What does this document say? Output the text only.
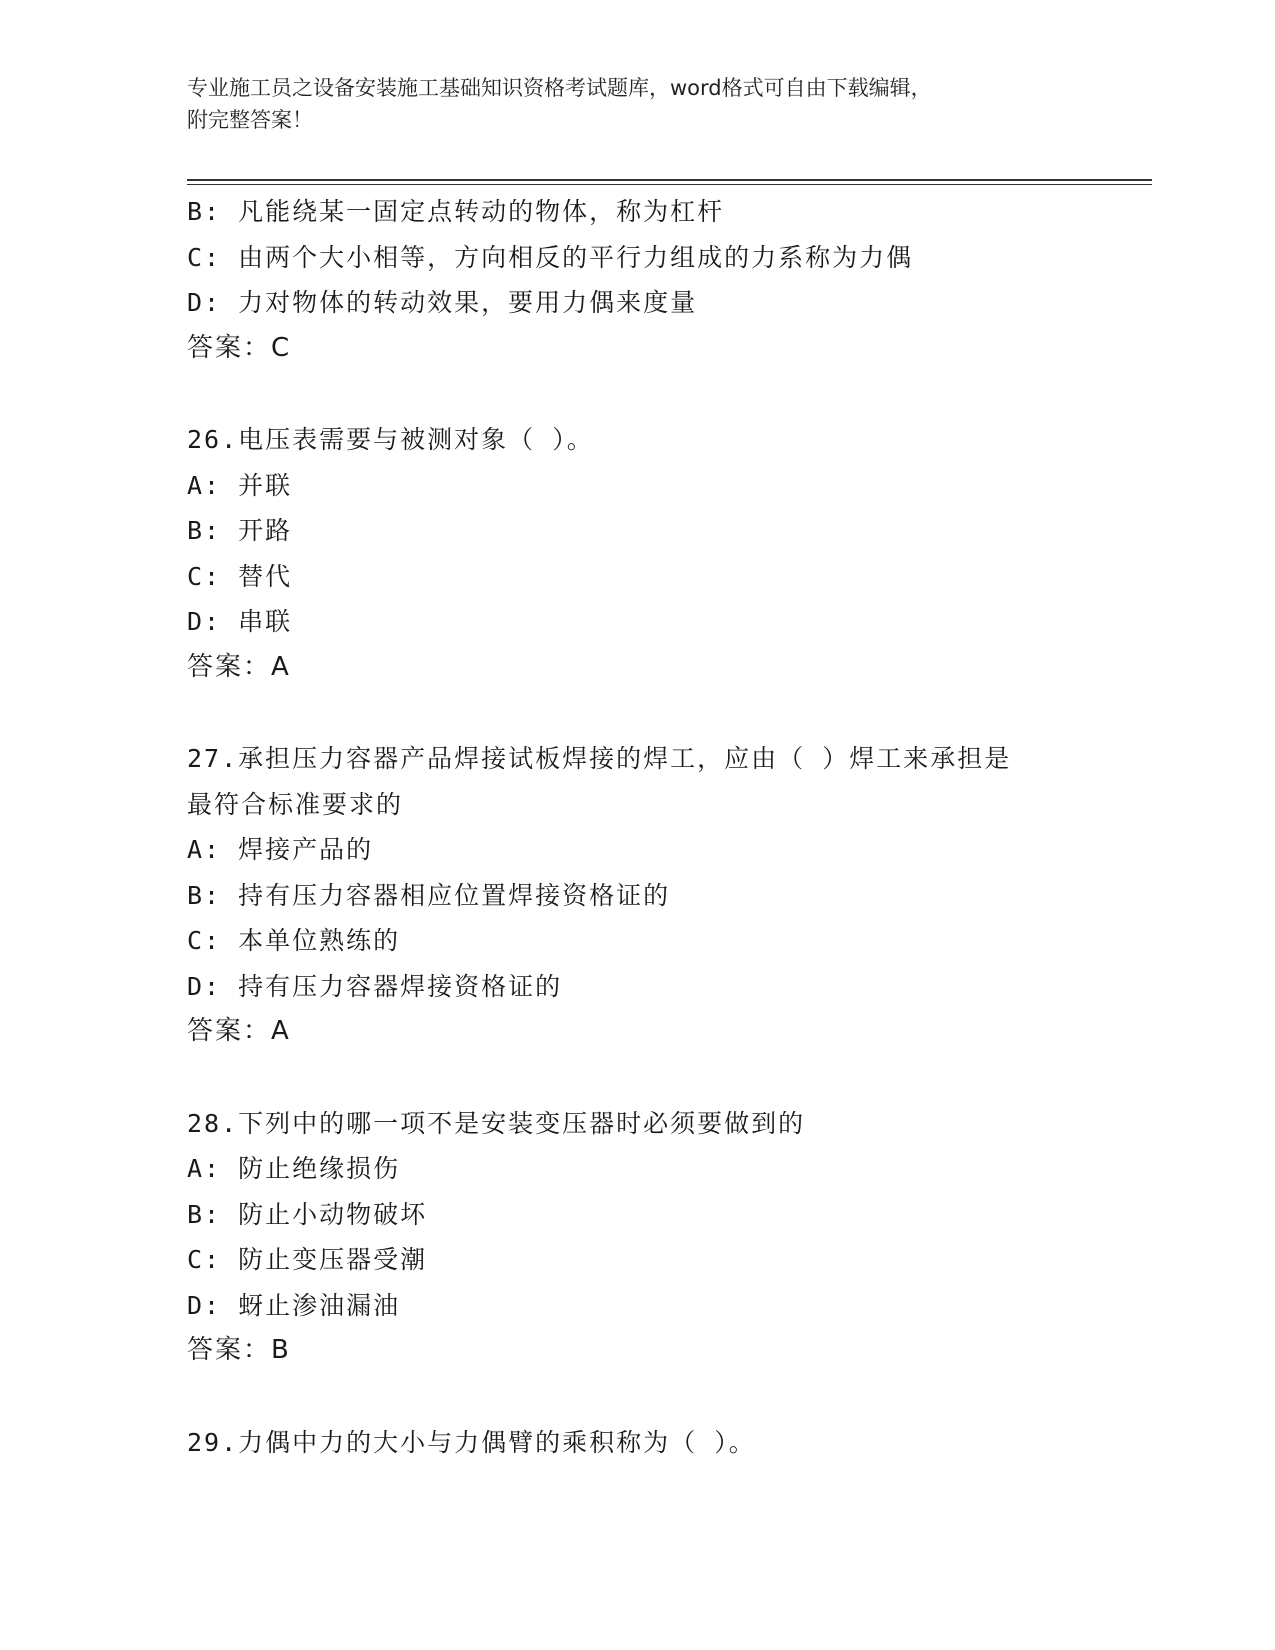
专业施工员之设备安装施工基础知识资格考试题库，word格式可自由下载编辑，
附完整答案！
B: 凡能绕某一固定点转动的物体，称为杠杆
C: 由两个大小相等，方向相反的平行力组成的力系称为力偶
D: 力对物体的转动效果，要用力偶来度量
答案：C
26.电压表需要与被测对象（ ）。
A: 并联
B: 开路
C: 替代
D: 串联
答案：A
27.承担压力容器产品焊接试板焊接的焊工，应由（ ）焊工来承担是
最符合标准要求的
A: 焊接产品的
B: 持有压力容器相应位置焊接资格证的
C: 本单位熟练的
D: 持有压力容器焊接资格证的
答案：A
28.下列中的哪一项不是安装变压器时必须要做到的
A: 防止绝缘损伤
B: 防止小动物破坏
C: 防止变压器受潮
D: 蚜止渗油漏油
答案：B
29.力偶中力的大小与力偶臂的乘积称为（ ）。
